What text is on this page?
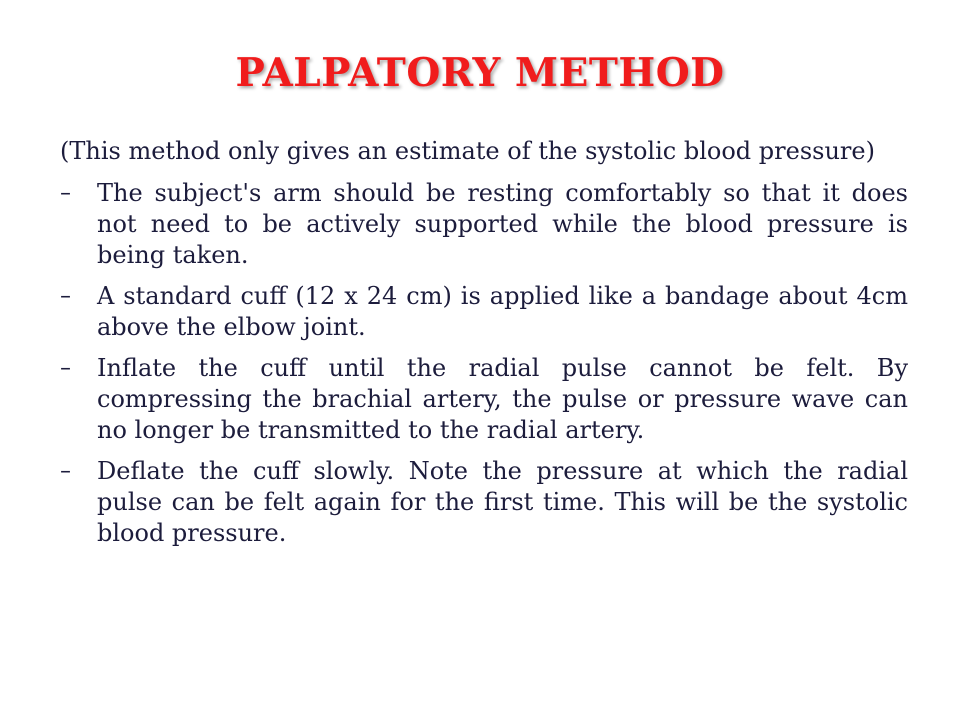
PALPATORY METHOD

(This method only gives an estimate of the systolic blood pressure)

– The subject's arm should be resting comfortably so that it does not need to be actively supported while the blood pressure is being taken.
– A standard cuff (12 x 24 cm) is applied like a bandage about 4cm above the elbow joint.
– Inflate the cuff until the radial pulse cannot be felt. By compressing the brachial artery, the pulse or pressure wave can no longer be transmitted to the radial artery.
– Deflate the cuff slowly. Note the pressure at which the radial pulse can be felt again for the first time. This will be the systolic blood pressure.
